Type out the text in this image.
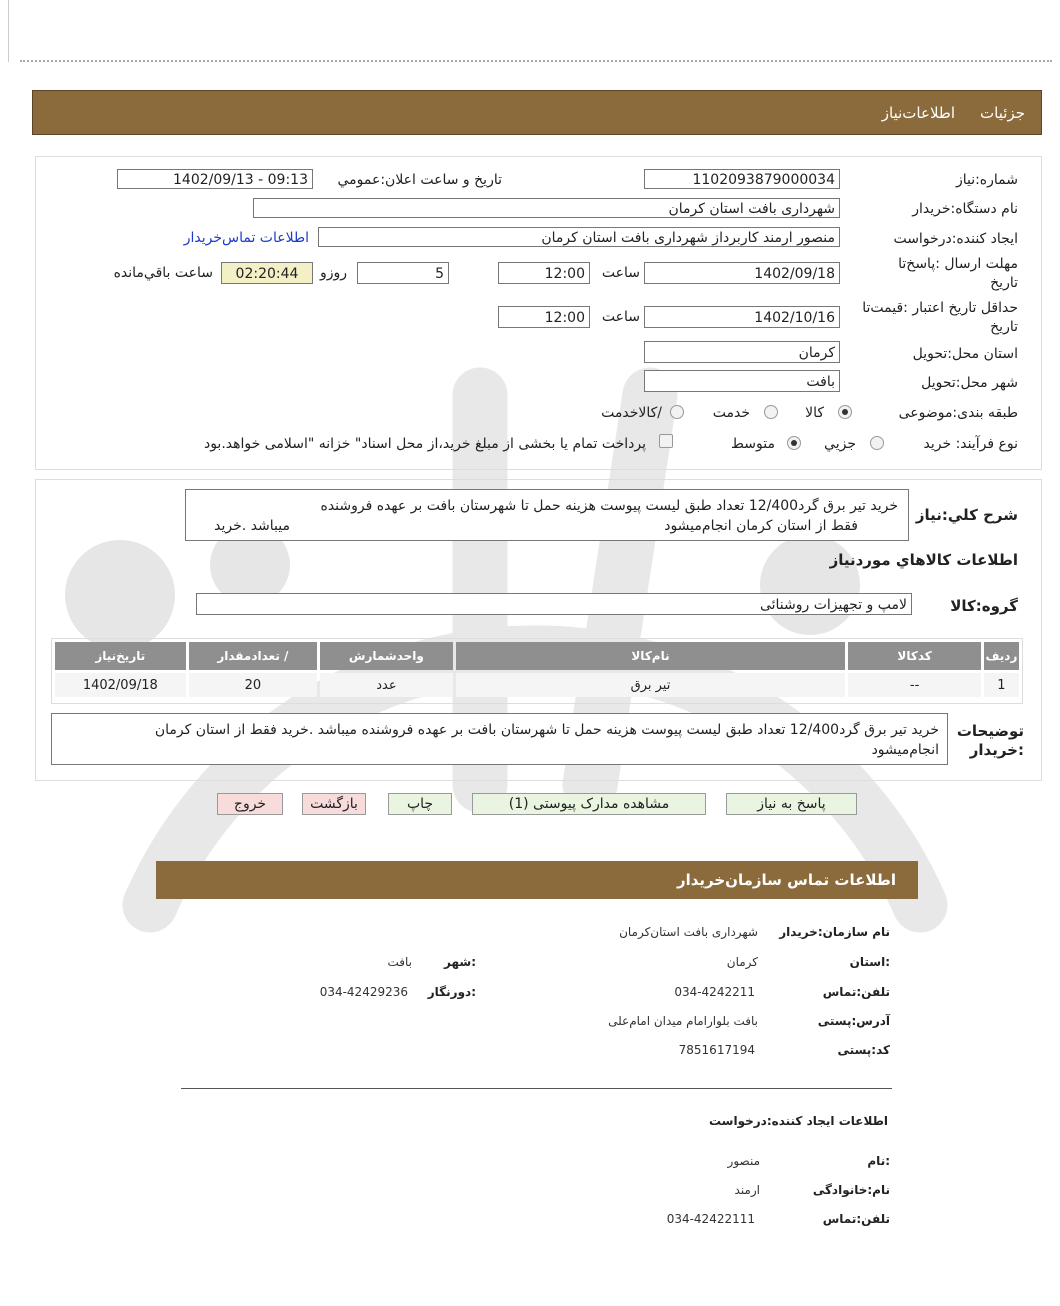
جزئیات
اطلاعات‌نیاز
شماره:نیاز
1102093879000034
تاريخ و ساعت اعلان:عمومي
1402/09/13 - 09:13
نام دستگاه:خريدار
شهرداری بافت استان کرمان
ايجاد کننده:درخواست
منصور ارمند کاربرداز شهرداری بافت استان کرمان
اطلاعات تماس‌خريدار
مهلت ارسال :پاسخ‌تا
تاريخ
1402/09/18
ساعت
12:00
5
روزو
02:20:44
ساعت باقي‌مانده
حداقل تاريخ اعتبار :قيمت‌تا
تاريخ
1402/10/16
ساعت
12:00
استان محل:تحويل
کرمان
شهر محل:تحويل
بافت
طبقه بندی:موضوعی
کالا
خدمت
/کالاخدمت
نوع فرآيند: خريد
جزيي
متوسط
پرداخت تمام يا بخشی از مبلغ خريد،از محل اسناد" خزانه "اسلامی خواهد.بود
شرح کلي:نياز
خريد تير برق گرد12/400 تعداد طبق ليست پيوست هزينه حمل تا شهرستان بافت بر عهده فروشنده
فقط از استان کرمان انجام‌ميشود
ميباشد .خريد
اطلاعات کالاهاي موردنياز
گروه:کالا
لامپ و تجهيزات روشنائی
رديف	کدکالا	نام‌کالا	واحدشمارش	/ تعدادمقدار	تاريخ‌نياز
1	--	تير برق	عدد	20	1402/09/18
توضيحات
:خريدار
خريد تير برق گرد12/400 تعداد طبق ليست پيوست هزينه حمل تا شهرستان بافت بر عهده فروشنده ميباشد .خريد فقط از استان کرمان
انجام‌ميشود
پاسخ به نياز
مشاهده مدارک پيوستی (1)
چاپ
بازگشت
خروج
اطلاعات تماس سازمان‌خريدار
نام سازمان:خريدار
شهرداری بافت استان‌کرمان
:استان
کرمان
:شهر
بافت
تلفن:تماس
034-4242211
:دورنگار
034-42429236
آدرس:پستی
بافت بلوارامام ميدان امام‌علی
کد:پستی
7851617194
اطلاعات ايجاد کننده:درخواست
:نام
منصور
نام:خانوادگی
ارمند
تلفن:تماس
034-42422111
